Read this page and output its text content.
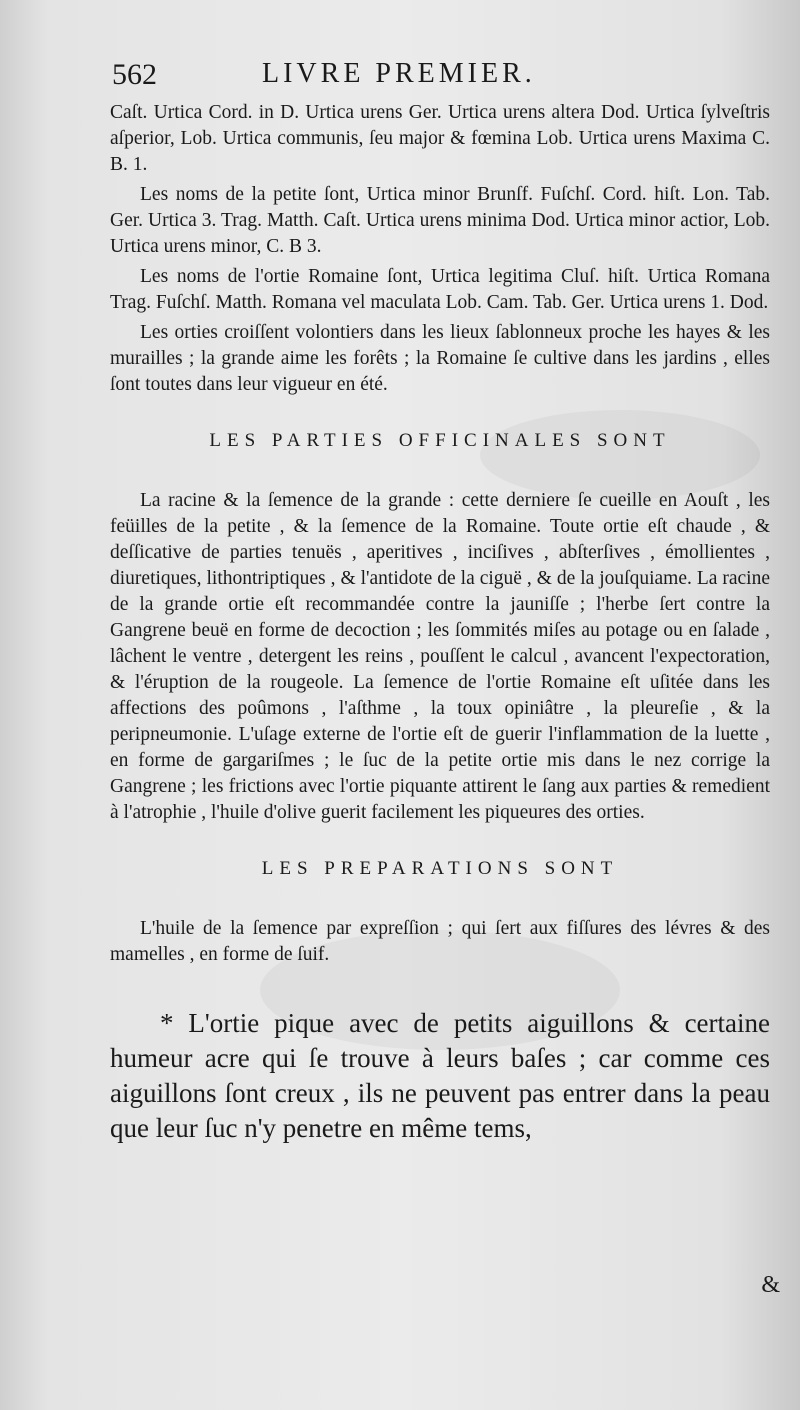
562	LIVRE PREMIER.

Caſt. Urtica Cord. in D. Urtica urens Ger. Urtica urens altera Dod. Urtica ſylveſtris aſperior, Lob. Urtica communis, ſeu major & fœmina Lob. Urtica urens Maxima C. B. 1.

Les noms de la petite ſont, Urtica minor Brunſf. Fuſchſ. Cord. hiſt. Lon. Tab. Ger. Urtica 3. Trag. Matth. Caſt. Urtica urens minima Dod. Urtica minor actior, Lob. Urtica urens minor, C. B 3.

Les noms de l'ortie Romaine ſont, Urtica legitima Cluſ. hiſt. Urtica Romana Trag. Fuſchſ. Matth. Romana vel maculata Lob. Cam. Tab. Ger. Urtica urens 1. Dod.

Les orties croiſſent volontiers dans les lieux ſablonneux proche les hayes & les murailles ; la grande aime les forêts ; la Romaine ſe cultive dans les jardins , elles ſont toutes dans leur vigueur en été.

LES PARTIES OFFICINALES SONT

La racine & la ſemence de la grande : cette derniere ſe cueille en Aouſt , les feüilles de la petite , & la ſemence de la Romaine. Toute ortie eſt chaude , & deſſicative de parties tenuës , aperitives , inciſives , abſterſives , émollientes , diuretiques, lithontriptiques , & l'antidote de la ciguë , & de la jouſquiame. La racine de la grande ortie eſt recommandée contre la jauniſſe ; l'herbe ſert contre la Gangrene beuë en forme de decoction ; les ſommités miſes au potage ou en ſalade , lâchent le ventre , detergent les reins , pouſſent le calcul , avancent l'expectoration, & l'éruption de la rougeole. La ſemence de l'ortie Romaine eſt uſitée dans les affections des poûmons , l'aſthme , la toux opiniâtre , la pleureſie , & la peripneumonie. L'uſage externe de l'ortie eſt de guerir l'inflammation de la luette , en forme de gargariſmes ; le ſuc de la petite ortie mis dans le nez corrige la Gangrene ; les frictions avec l'ortie piquante attirent le ſang aux parties & remedient à l'atrophie , l'huile d'olive guerit facilement les piqueures des orties.

LES PREPARATIONS SONT

L'huile de la ſemence par expreſſion ; qui ſert aux fiſſures des lévres & des mamelles , en forme de ſuif.

* L'ortie pique avec de petits aiguillons & certaine humeur acre qui ſe trouve à leurs baſes ; car comme ces aiguillons ſont creux , ils ne peuvent pas entrer dans la peau que leur ſuc n'y penetre en même tems,

&
